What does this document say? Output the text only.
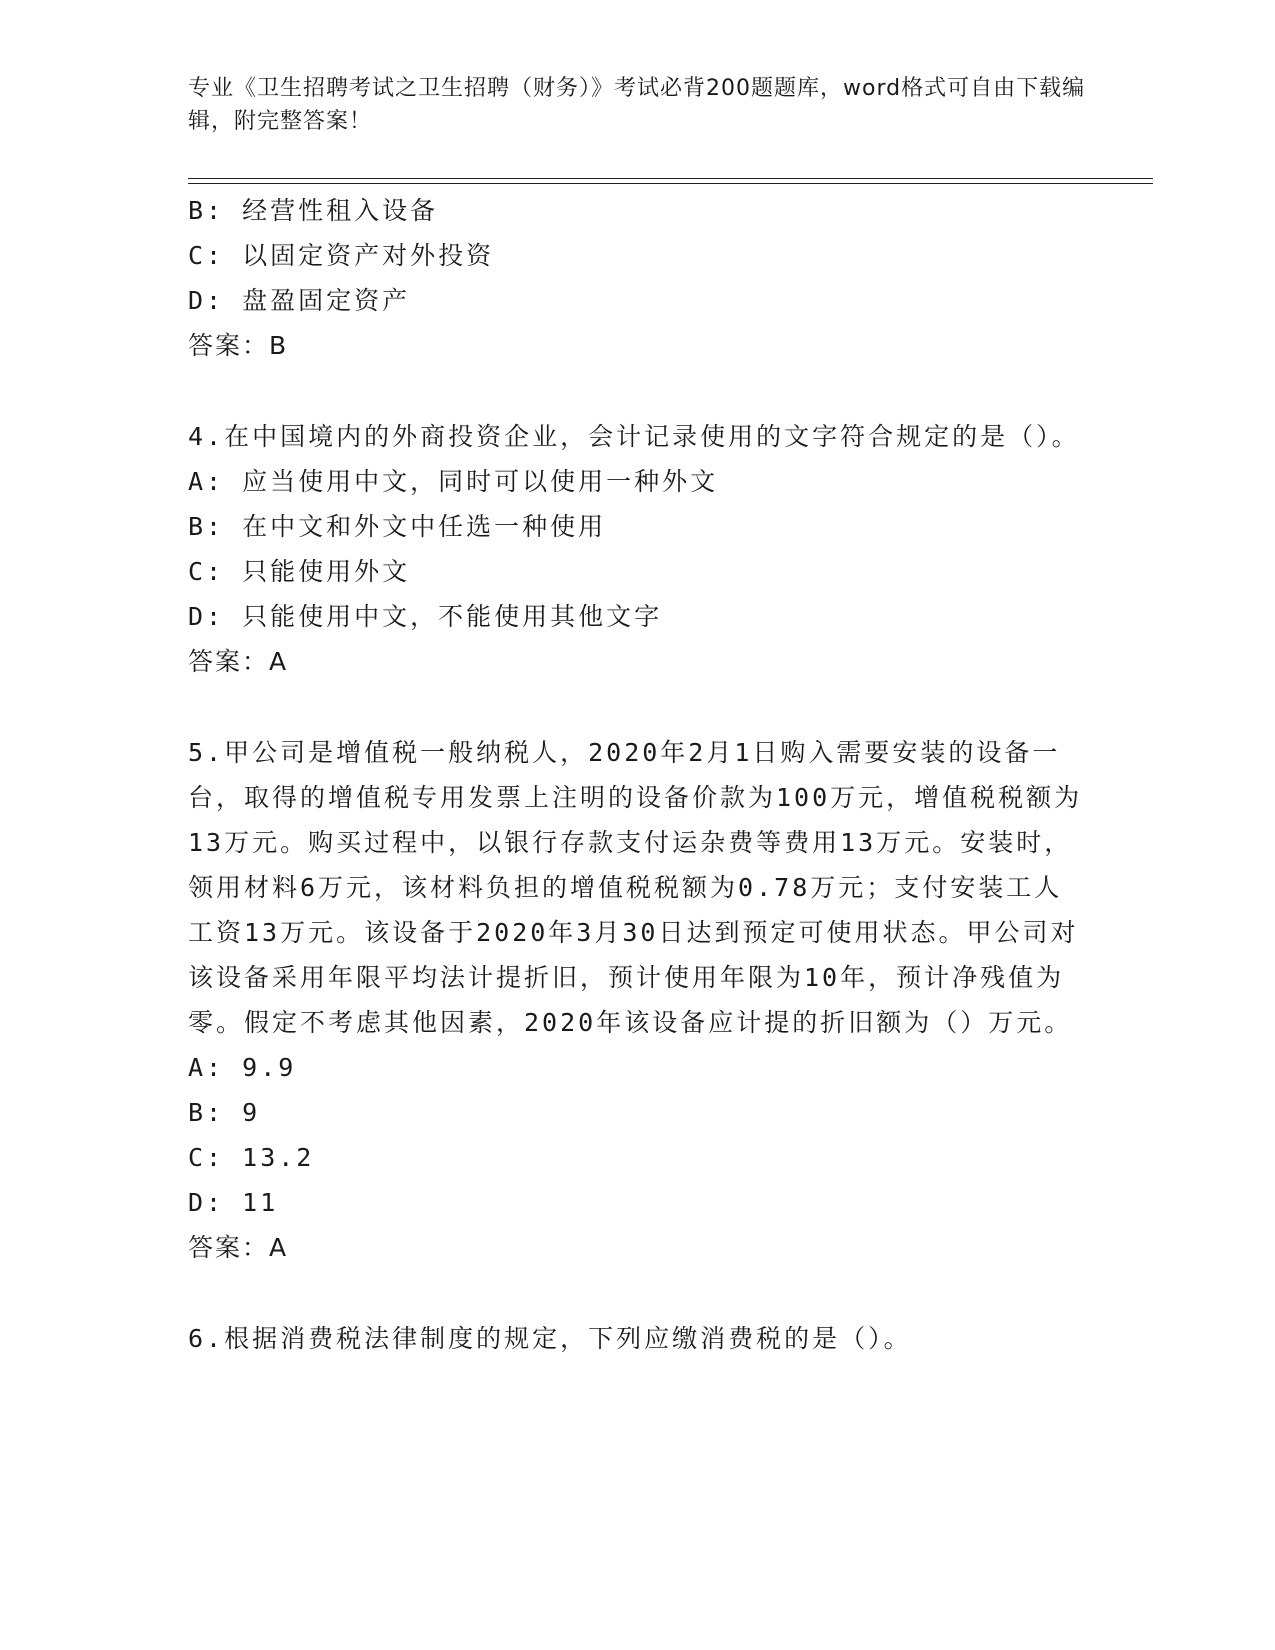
专业《卫生招聘考试之卫生招聘（财务）》考试必背200题题库，word格式可自由下载编辑，附完整答案！
B: 经营性租入设备
C: 以固定资产对外投资
D: 盘盈固定资产
答案：B
4.在中国境内的外商投资企业，会计记录使用的文字符合规定的是（）。
A: 应当使用中文，同时可以使用一种外文
B: 在中文和外文中任选一种使用
C: 只能使用外文
D: 只能使用中文，不能使用其他文字
答案：A
5.甲公司是增值税一般纳税人，2020年2月1日购入需要安装的设备一台，取得的增值税专用发票上注明的设备价款为100万元，增值税税额为13万元。购买过程中，以银行存款支付运杂费等费用13万元。安装时，领用材料6万元，该材料负担的增值税税额为0.78万元；支付安装工人工资13万元。该设备于2020年3月30日达到预定可使用状态。甲公司对该设备采用年限平均法计提折旧，预计使用年限为10年，预计净残值为零。假定不考虑其他因素，2020年该设备应计提的折旧额为（）万元。
A: 9.9
B: 9
C: 13.2
D: 11
答案：A
6.根据消费税法律制度的规定，下列应缴消费税的是（）。
